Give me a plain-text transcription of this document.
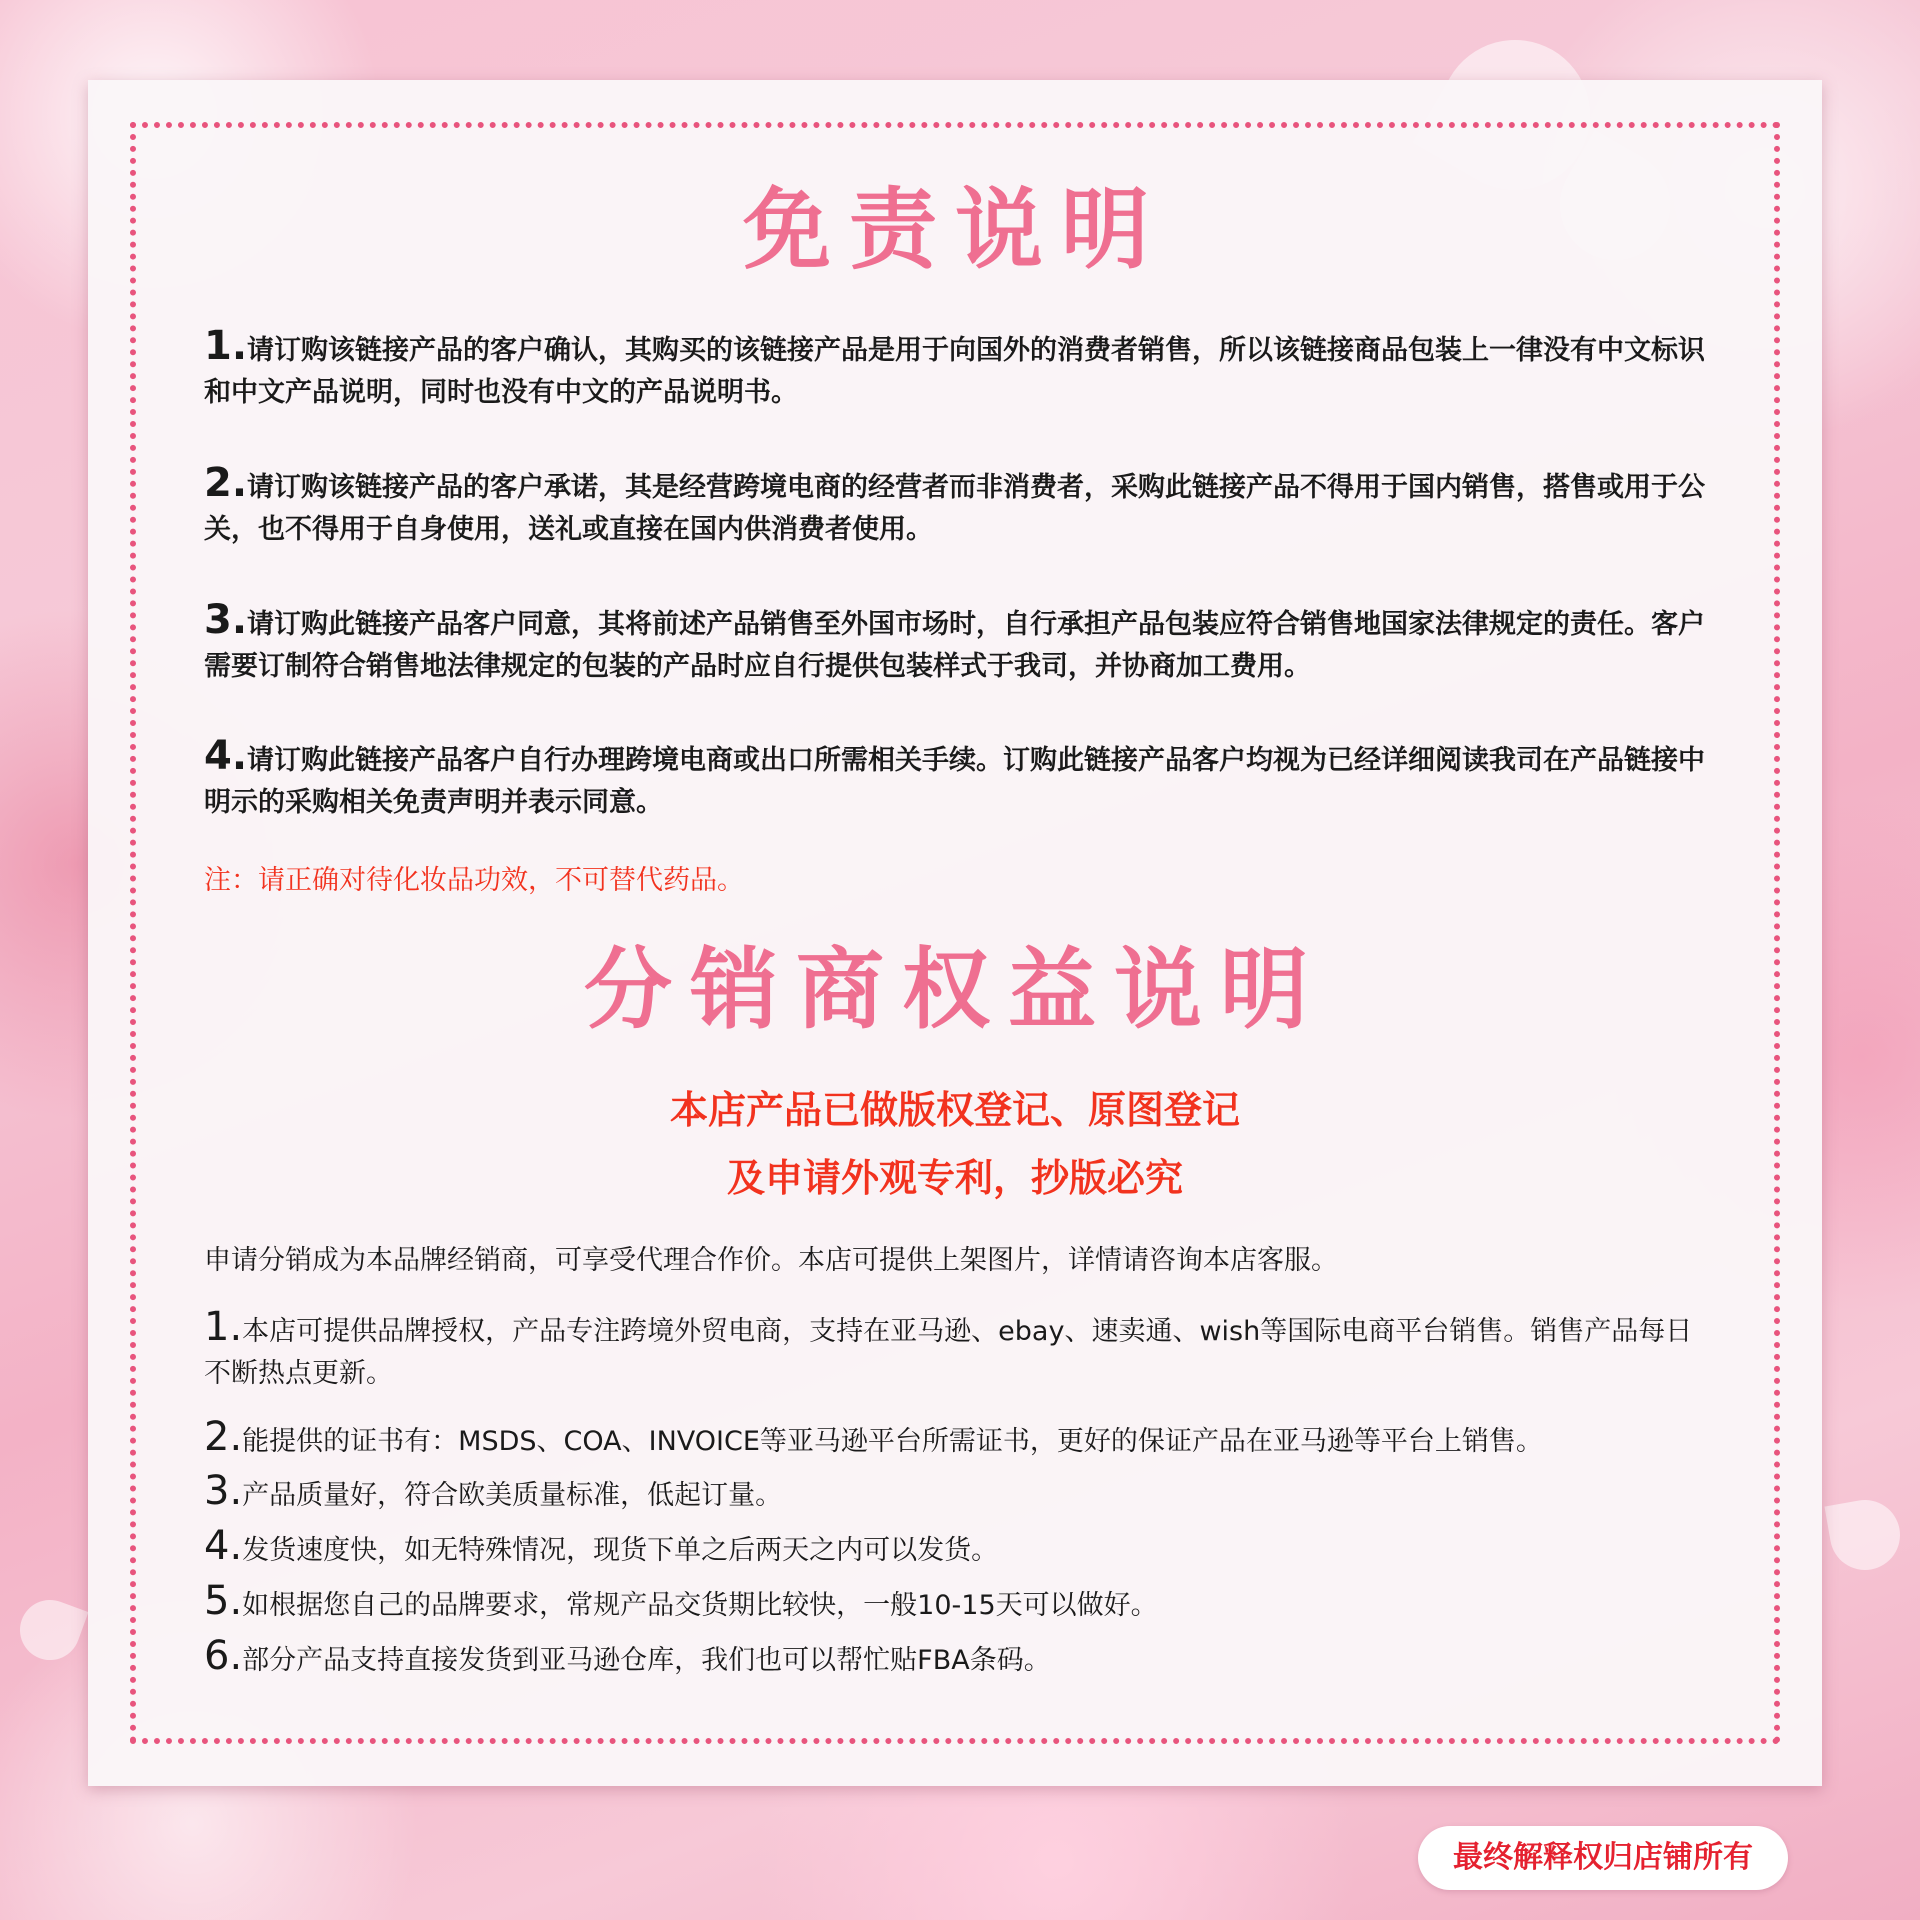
免责说明

1.请订购该链接产品的客户确认，其购买的该链接产品是用于向国外的消费者销售，所以该链接商品包装上一律没有中文标识和中文产品说明，同时也没有中文的产品说明书。

2.请订购该链接产品的客户承诺，其是经营跨境电商的经营者而非消费者，采购此链接产品不得用于国内销售，搭售或用于公关，也不得用于自身使用，送礼或直接在国内供消费者使用。

3.请订购此链接产品客户同意，其将前述产品销售至外国市场时，自行承担产品包装应符合销售地国家法律规定的责任。客户需要订制符合销售地法律规定的包装的产品时应自行提供包装样式于我司，并协商加工费用。

4.请订购此链接产品客户自行办理跨境电商或出口所需相关手续。订购此链接产品客户均视为已经详细阅读我司在产品链接中明示的采购相关免责声明并表示同意。

注：请正确对待化妆品功效，不可替代药品。

分销商权益说明

本店产品已做版权登记、原图登记

及申请外观专利，抄版必究

申请分销成为本品牌经销商，可享受代理合作价。本店可提供上架图片，详情请咨询本店客服。

1.本店可提供品牌授权，产品专注跨境外贸电商，支持在亚马逊、ebay、速卖通、wish等国际电商平台销售。销售产品每日不断热点更新。

2.能提供的证书有：MSDS、COA、INVOICE等亚马逊平台所需证书，更好的保证产品在亚马逊等平台上销售。

3.产品质量好，符合欧美质量标准，低起订量。

4.发货速度快，如无特殊情况，现货下单之后两天之内可以发货。

5.如根据您自己的品牌要求，常规产品交货期比较快，一般10-15天可以做好。

6.部分产品支持直接发货到亚马逊仓库，我们也可以帮忙贴FBA条码。

最终解释权归店铺所有
